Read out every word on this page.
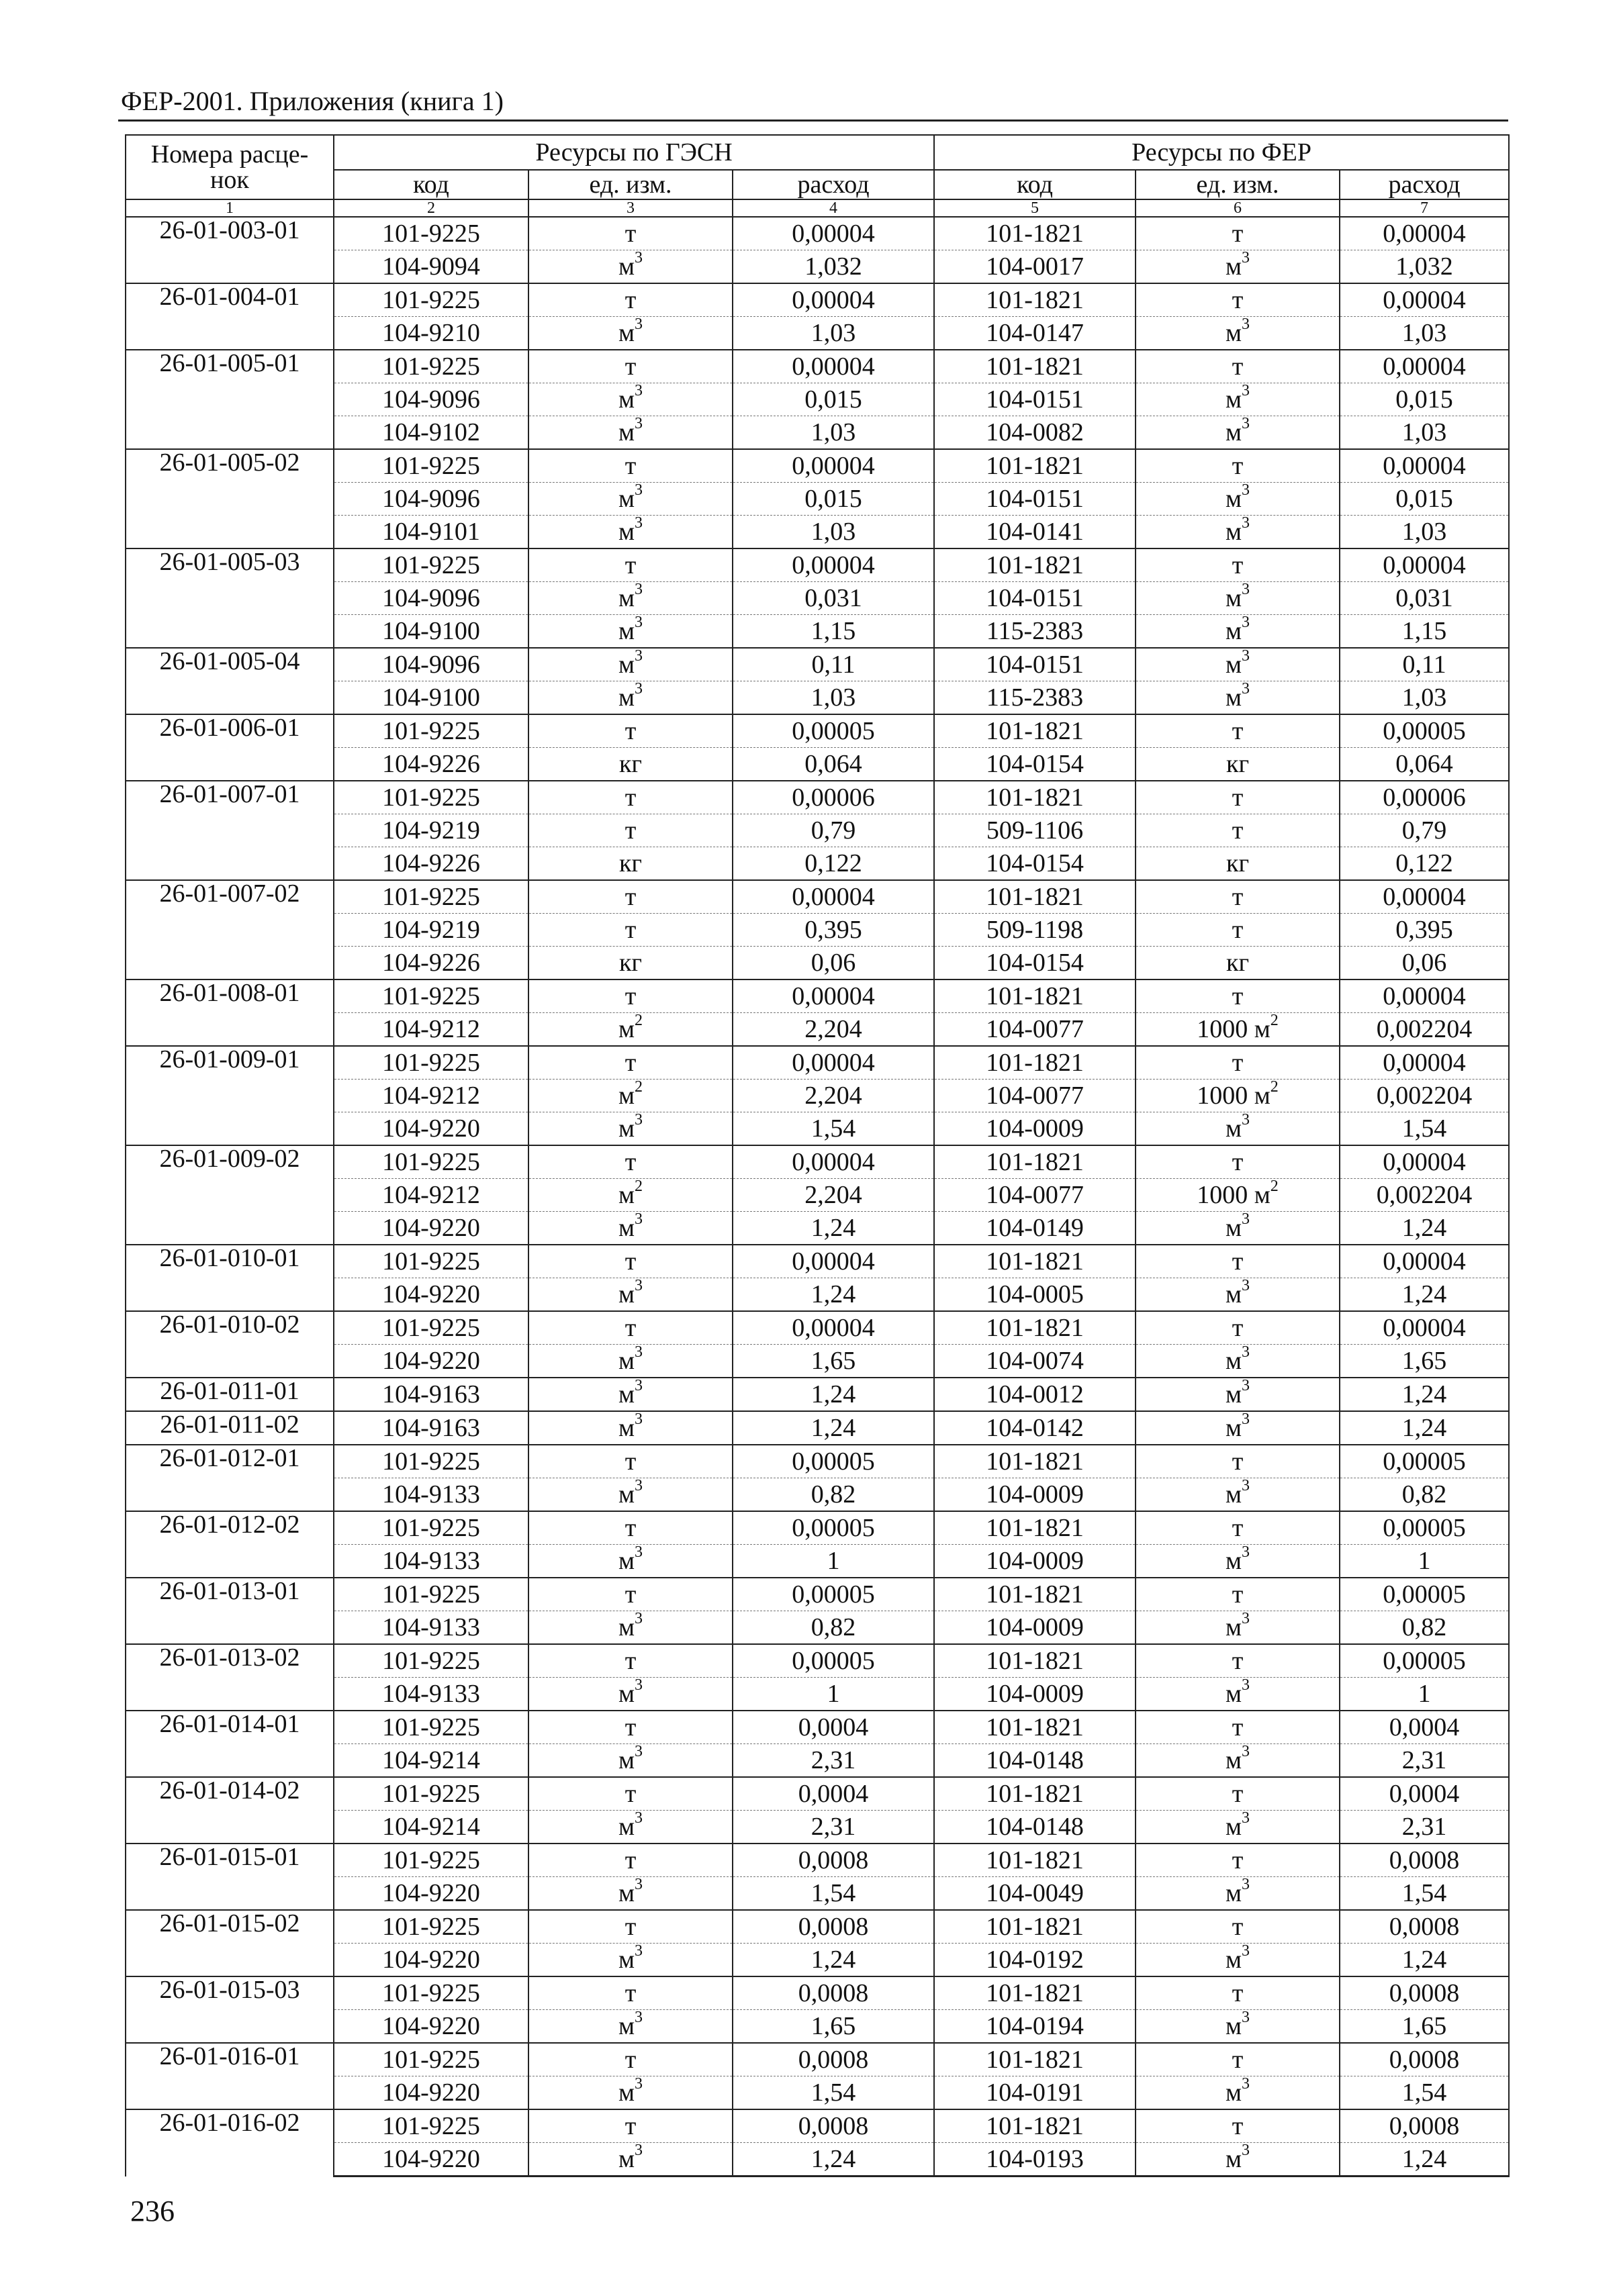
ФЕР-2001. Приложения (книга 1)
Номера расце-
нок	Ресурсы по ГЭСН			Ресурсы по ФЕР		
	код	ед. изм.	расход	код	ед. изм.	расход
1	2	3	4	5	6	7
26-01-003-01	101-9225	т	0,00004	101-1821	т	0,00004
	104-9094	$м^3$	1,032	104-0017	$м^3$	1,032
26-01-004-01	101-9225	т	0,00004	101-1821	т	0,00004
	104-9210	$м^3$	1,03	104-0147	$м^3$	1,03
26-01-005-01	101-9225	т	0,00004	101-1821	т	0,00004
	104-9096	$м^3$	0,015	104-0151	$м^3$	0,015
	104-9102	$м^3$	1,03	104-0082	$м^3$	1,03
26-01-005-02	101-9225	т	0,00004	101-1821	т	0,00004
	104-9096	$м^3$	0,015	104-0151	$м^3$	0,015
	104-9101	$м^3$	1,03	104-0141	$м^3$	1,03
26-01-005-03	101-9225	т	0,00004	101-1821	т	0,00004
	104-9096	$м^3$	0,031	104-0151	$м^3$	0,031
	104-9100	$м^3$	1,15	115-2383	$м^3$	1,15
26-01-005-04	104-9096	$м^3$	0,11	104-0151	$м^3$	0,11
	104-9100	$м^3$	1,03	115-2383	$м^3$	1,03
26-01-006-01	101-9225	т	0,00005	101-1821	т	0,00005
	104-9226	кг	0,064	104-0154	кг	0,064
26-01-007-01	101-9225	т	0,00006	101-1821	т	0,00006
	104-9219	т	0,79	509-1106	т	0,79
	104-9226	кг	0,122	104-0154	кг	0,122
26-01-007-02	101-9225	т	0,00004	101-1821	т	0,00004
	104-9219	т	0,395	509-1198	т	0,395
	104-9226	кг	0,06	104-0154	кг	0,06
26-01-008-01	101-9225	т	0,00004	101-1821	т	0,00004
	104-9212	$м^2$	2,204	104-0077	1000 $м^2$	0,002204
26-01-009-01	101-9225	т	0,00004	101-1821	т	0,00004
	104-9212	$м^2$	2,204	104-0077	1000 $м^2$	0,002204
	104-9220	$м^3$	1,54	104-0009	$м^3$	1,54
26-01-009-02	101-9225	т	0,00004	101-1821	т	0,00004
	104-9212	$м^2$	2,204	104-0077	1000 $м^2$	0,002204
	104-9220	$м^3$	1,24	104-0149	$м^3$	1,24
26-01-010-01	101-9225	т	0,00004	101-1821	т	0,00004
	104-9220	$м^3$	1,24	104-0005	$м^3$	1,24
26-01-010-02	101-9225	т	0,00004	101-1821	т	0,00004
	104-9220	$м^3$	1,65	104-0074	$м^3$	1,65
26-01-011-01	104-9163	$м^3$	1,24	104-0012	$м^3$	1,24
26-01-011-02	104-9163	$м^3$	1,24	104-0142	$м^3$	1,24
26-01-012-01	101-9225	т	0,00005	101-1821	т	0,00005
	104-9133	$м^3$	0,82	104-0009	$м^3$	0,82
26-01-012-02	101-9225	т	0,00005	101-1821	т	0,00005
	104-9133	$м^3$	1	104-0009	$м^3$	1
26-01-013-01	101-9225	т	0,00005	101-1821	т	0,00005
	104-9133	$м^3$	0,82	104-0009	$м^3$	0,82
26-01-013-02	101-9225	т	0,00005	101-1821	т	0,00005
	104-9133	$м^3$	1	104-0009	$м^3$	1
26-01-014-01	101-9225	т	0,0004	101-1821	т	0,0004
	104-9214	$м^3$	2,31	104-0148	$м^3$	2,31
26-01-014-02	101-9225	т	0,0004	101-1821	т	0,0004
	104-9214	$м^3$	2,31	104-0148	$м^3$	2,31
26-01-015-01	101-9225	т	0,0008	101-1821	т	0,0008
	104-9220	$м^3$	1,54	104-0049	$м^3$	1,54
26-01-015-02	101-9225	т	0,0008	101-1821	т	0,0008
	104-9220	$м^3$	1,24	104-0192	$м^3$	1,24
26-01-015-03	101-9225	т	0,0008	101-1821	т	0,0008
	104-9220	$м^3$	1,65	104-0194	$м^3$	1,65
26-01-016-01	101-9225	т	0,0008	101-1821	т	0,0008
	104-9220	$м^3$	1,54	104-0191	$м^3$	1,54
26-01-016-02	101-9225	т	0,0008	101-1821	т	0,0008
	104-9220	$м^3$	1,24	104-0193	$м^3$	1,24
236
